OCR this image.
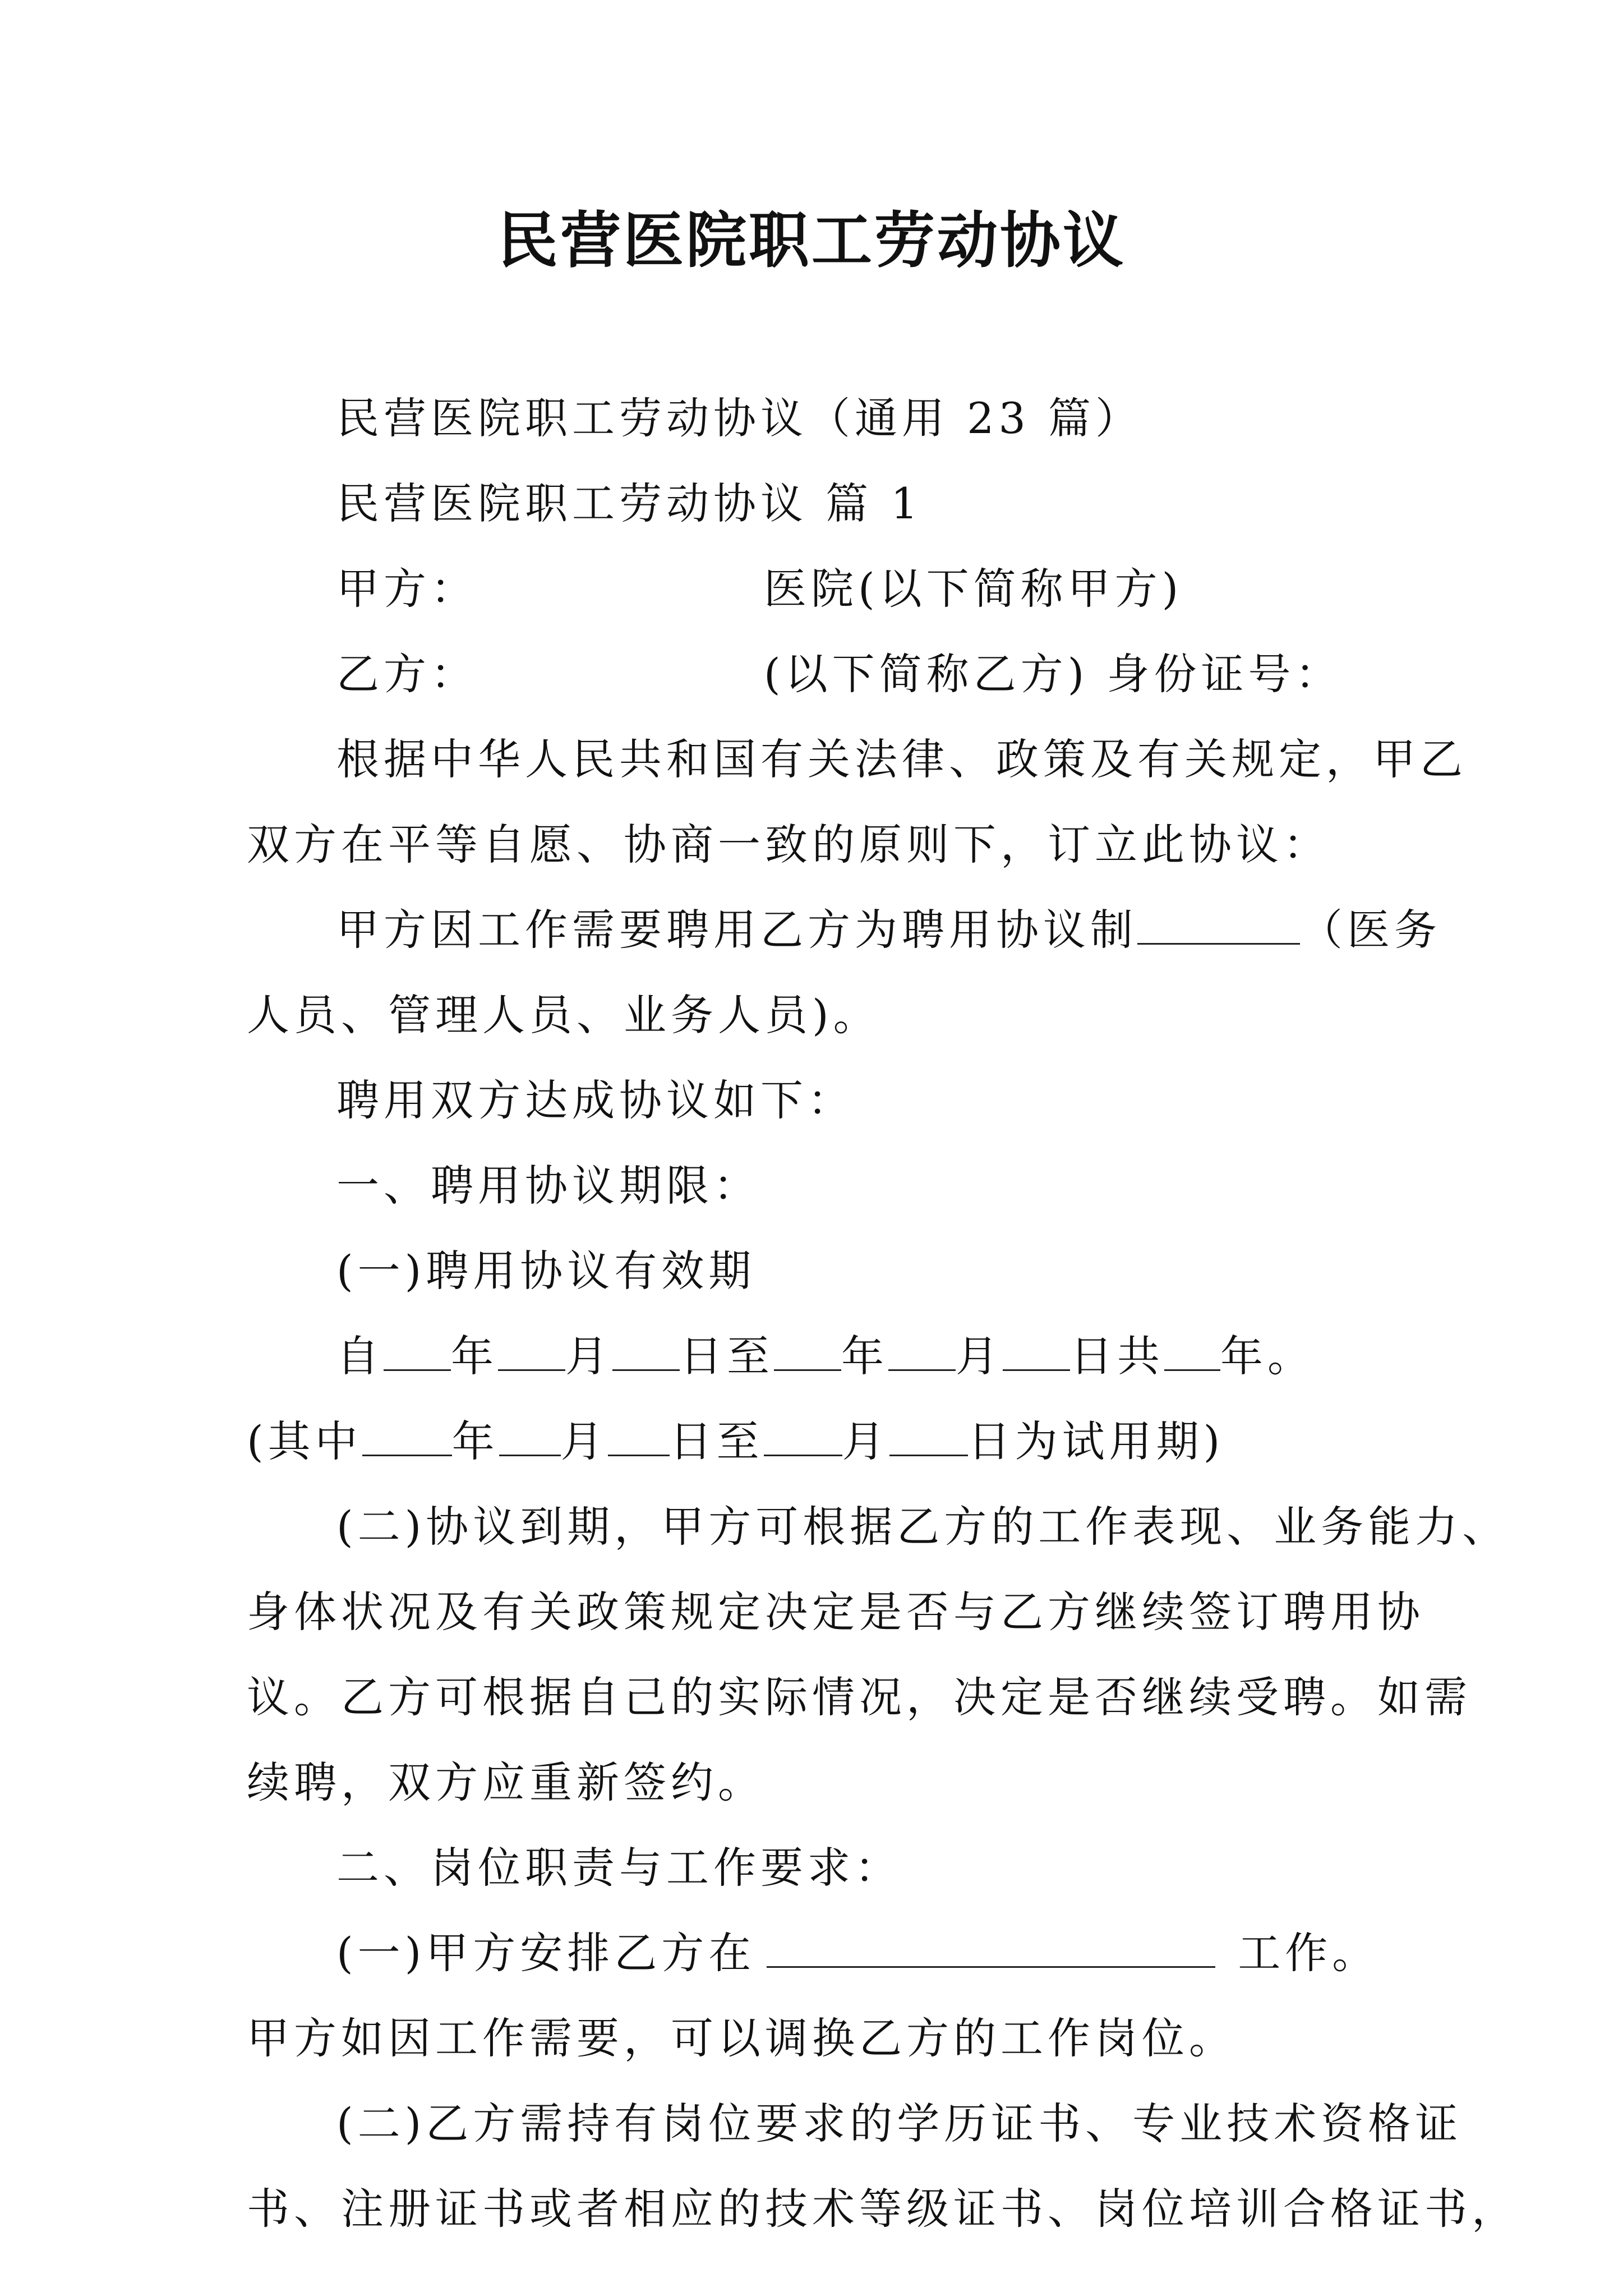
民营医院职工劳动协议
民营医院职工劳动协议（通用 23 篇）
民营医院职工劳动协议 篇 1
甲方：	医院(以下简称甲方)
乙方：	(以下简称乙方) 身份证号：
根据中华人民共和国有关法律、政策及有关规定，甲乙
双方在平等自愿、协商一致的原则下，订立此协议：
甲方因工作需要聘用乙方为聘用协议制	（医务
人员、管理人员、业务人员)。
聘用双方达成协议如下：
一、聘用协议期限：
(一)聘用协议有效期
自 年 月 日至 年 月 日共 年。
(其中 年 月 日至 月 日为试用期)
(二)协议到期，甲方可根据乙方的工作表现、业务能力、
身体状况及有关政策规定决定是否与乙方继续签订聘用协
议。乙方可根据自己的实际情况，决定是否继续受聘。如需
续聘，双方应重新签约。
二、岗位职责与工作要求：
(一)甲方安排乙方在	工作。
甲方如因工作需要，可以调换乙方的工作岗位。
(二)乙方需持有岗位要求的学历证书、专业技术资格证
书、注册证书或者相应的技术等级证书、岗位培训合格证书，
